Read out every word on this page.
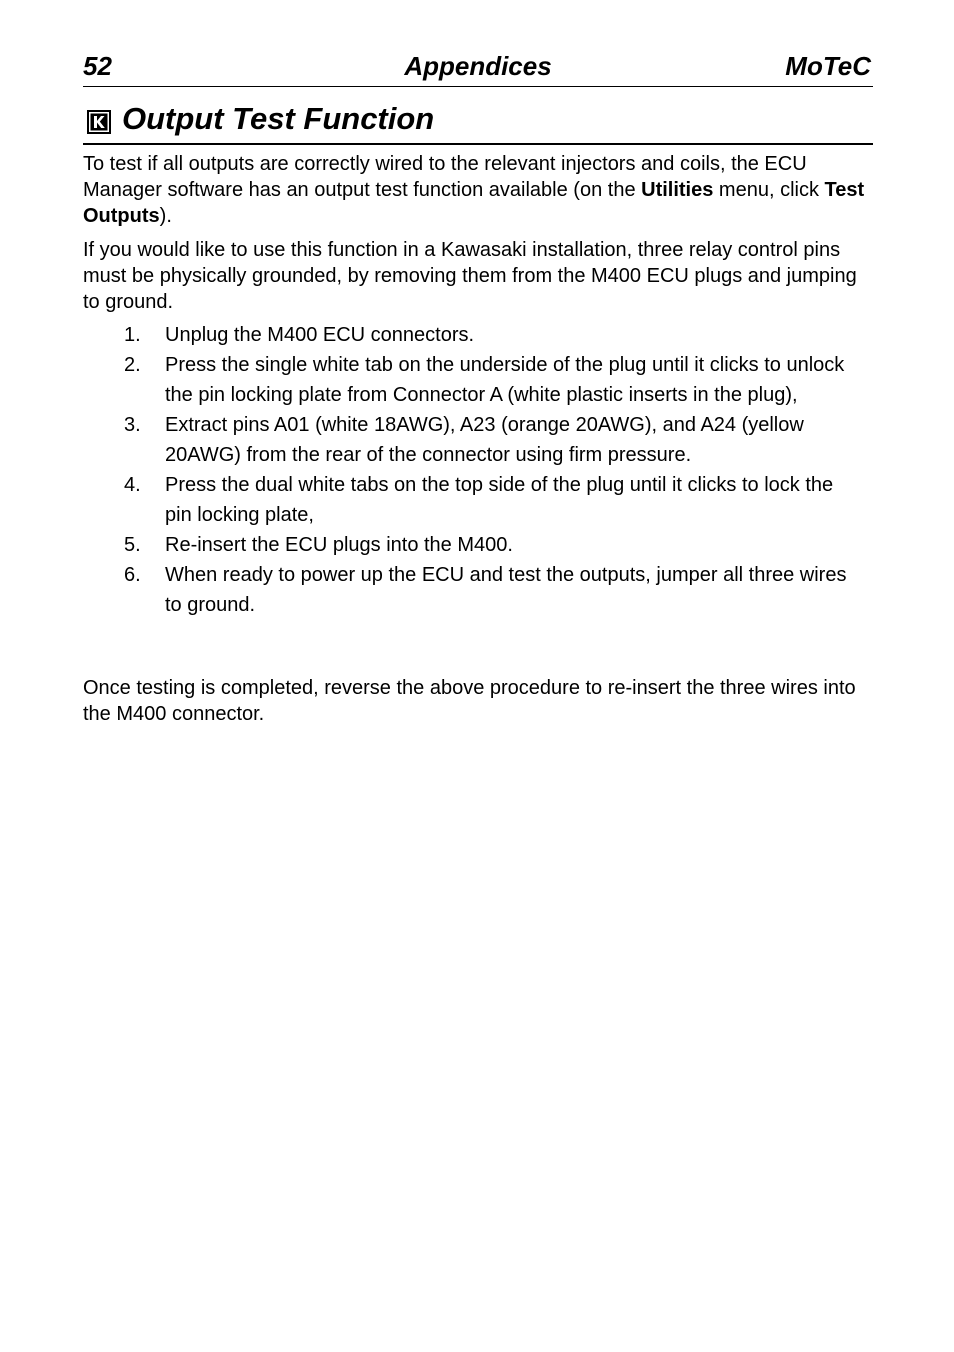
52	Appendices	MoTeC
Output Test Function

To test if all outputs are correctly wired to the relevant injectors and coils, the ECU Manager software has an output test function available (on the Utilities menu, click Test Outputs).

If you would like to use this function in a Kawasaki installation, three relay control pins must be physically grounded, by removing them from the M400 ECU plugs and jumping to ground.

1. Unplug the M400 ECU connectors.
2. Press the single white tab on the underside of the plug until it clicks to unlock the pin locking plate from Connector A (white plastic inserts in the plug),
3. Extract pins A01 (white 18AWG), A23 (orange 20AWG), and A24 (yellow 20AWG) from the rear of the connector using firm pressure.
4. Press the dual white tabs on the top side of the plug until it clicks to lock the pin locking plate,
5. Re-insert the ECU plugs into the M400.
6. When ready to power up the ECU and test the outputs, jumper all three wires to ground.

Once testing is completed, reverse the above procedure to re-insert the three wires into the M400 connector.
